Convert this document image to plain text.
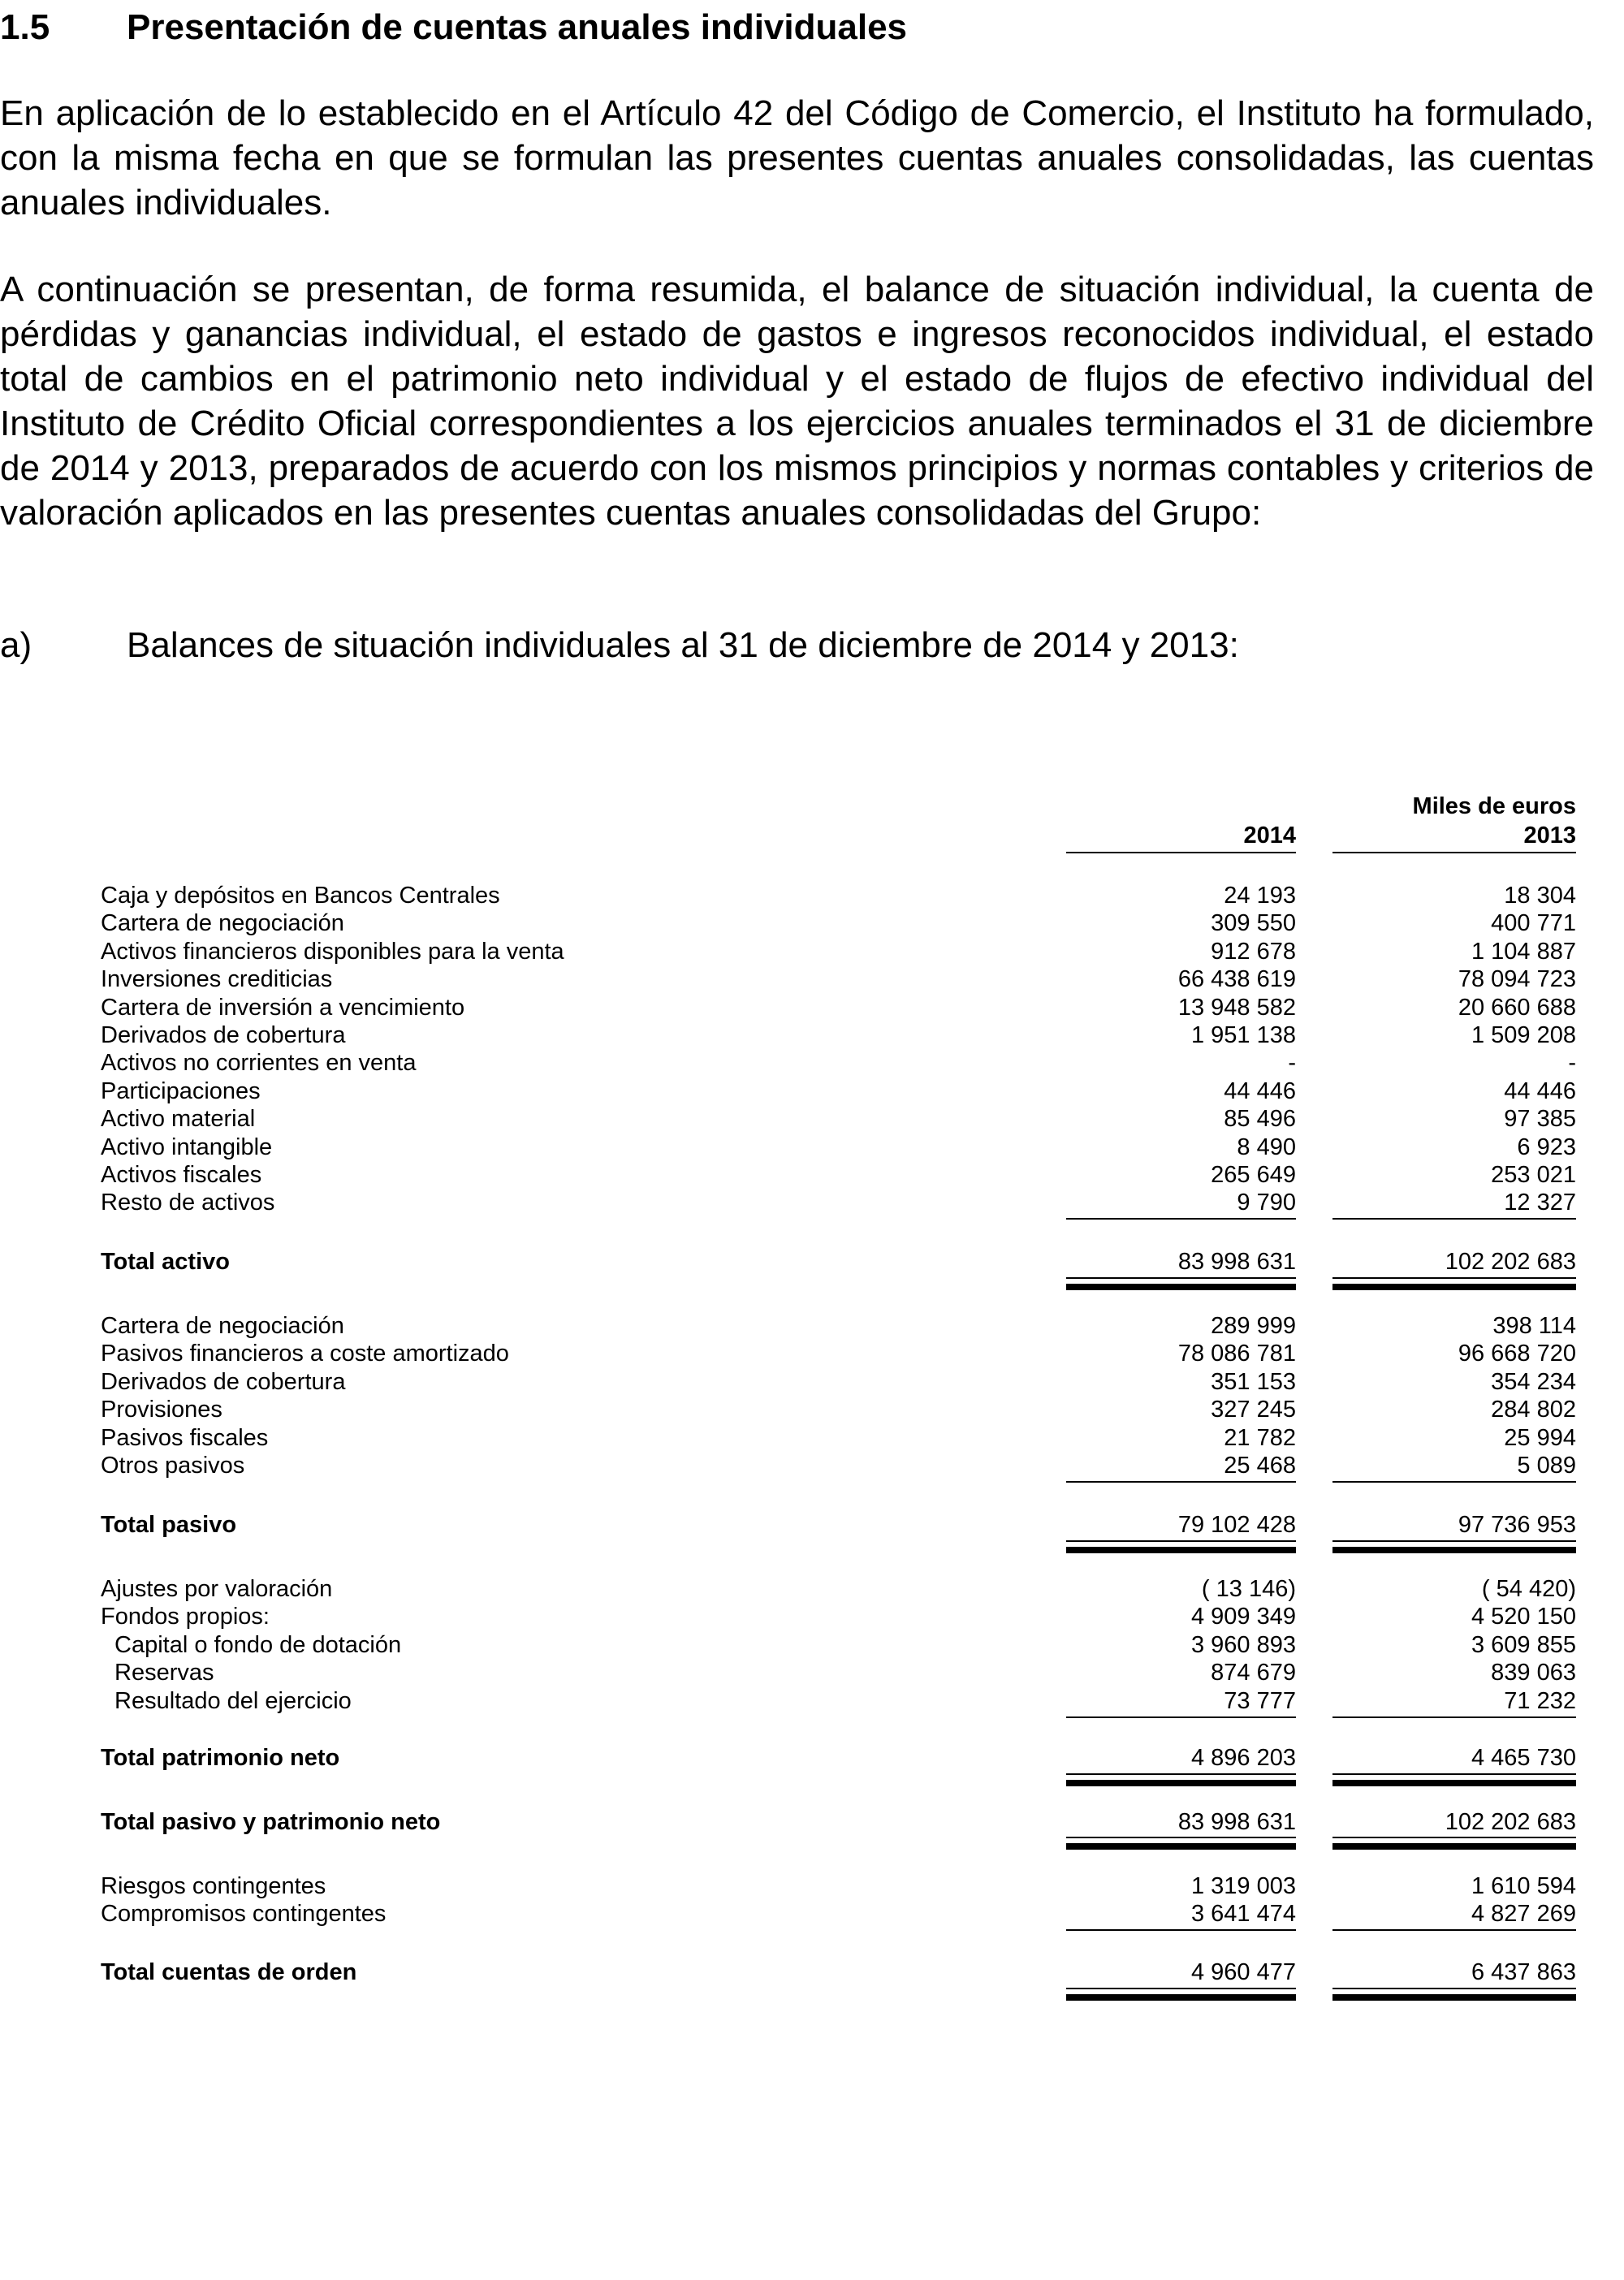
1.5 Presentación de cuentas anuales individuales

En aplicación de lo establecido en el Artículo 42 del Código de Comercio, el Instituto ha formulado, con la misma fecha en que se formulan las presentes cuentas anuales consolidadas, las cuentas anuales individuales.

A continuación se presentan, de forma resumida, el balance de situación individual, la cuenta de pérdidas y ganancias individual, el estado de gastos e ingresos reconocidos individual, el estado total de cambios en el patrimonio neto individual y el estado de flujos de efectivo individual del Instituto de Crédito Oficial correspondientes a los ejercicios anuales terminados el 31 de diciembre de 2014 y 2013, preparados de acuerdo con los mismos principios y normas contables y criterios de valoración aplicados en las presentes cuentas anuales consolidadas del Grupo:

a)	Balances de situación individuales al 31 de diciembre de 2014 y 2013:

Miles de euros
2014	2013
Caja y depósitos en Bancos Centrales	24 193	18 304
Cartera de negociación	309 550	400 771
Activos financieros disponibles para la venta	912 678	1 104 887
Inversiones crediticias	66 438 619	78 094 723
Cartera de inversión a vencimiento	13 948 582	20 660 688
Derivados de cobertura	1 951 138	1 509 208
Activos no corrientes en venta	-	-
Participaciones	44 446	44 446
Activo material	85 496	97 385
Activo intangible	8 490	6 923
Activos fiscales	265 649	253 021
Resto de activos	9 790	12 327
Total activo	83 998 631	102 202 683
Cartera de negociación	289 999	398 114
Pasivos financieros a coste amortizado	78 086 781	96 668 720
Derivados de cobertura	351 153	354 234
Provisiones	327 245	284 802
Pasivos fiscales	21 782	25 994
Otros pasivos	25 468	5 089
Total pasivo	79 102 428	97 736 953
Ajustes por valoración	( 13 146)	( 54 420)
Fondos propios:	4 909 349	4 520 150
Capital o fondo de dotación	3 960 893	3 609 855
Reservas	874 679	839 063
Resultado del ejercicio	73 777	71 232
Total patrimonio neto	4 896 203	4 465 730
Total pasivo y patrimonio neto	83 998 631	102 202 683
Riesgos contingentes	1 319 003	1 610 594
Compromisos contingentes	3 641 474	4 827 269
Total cuentas de orden	4 960 477	6 437 863
